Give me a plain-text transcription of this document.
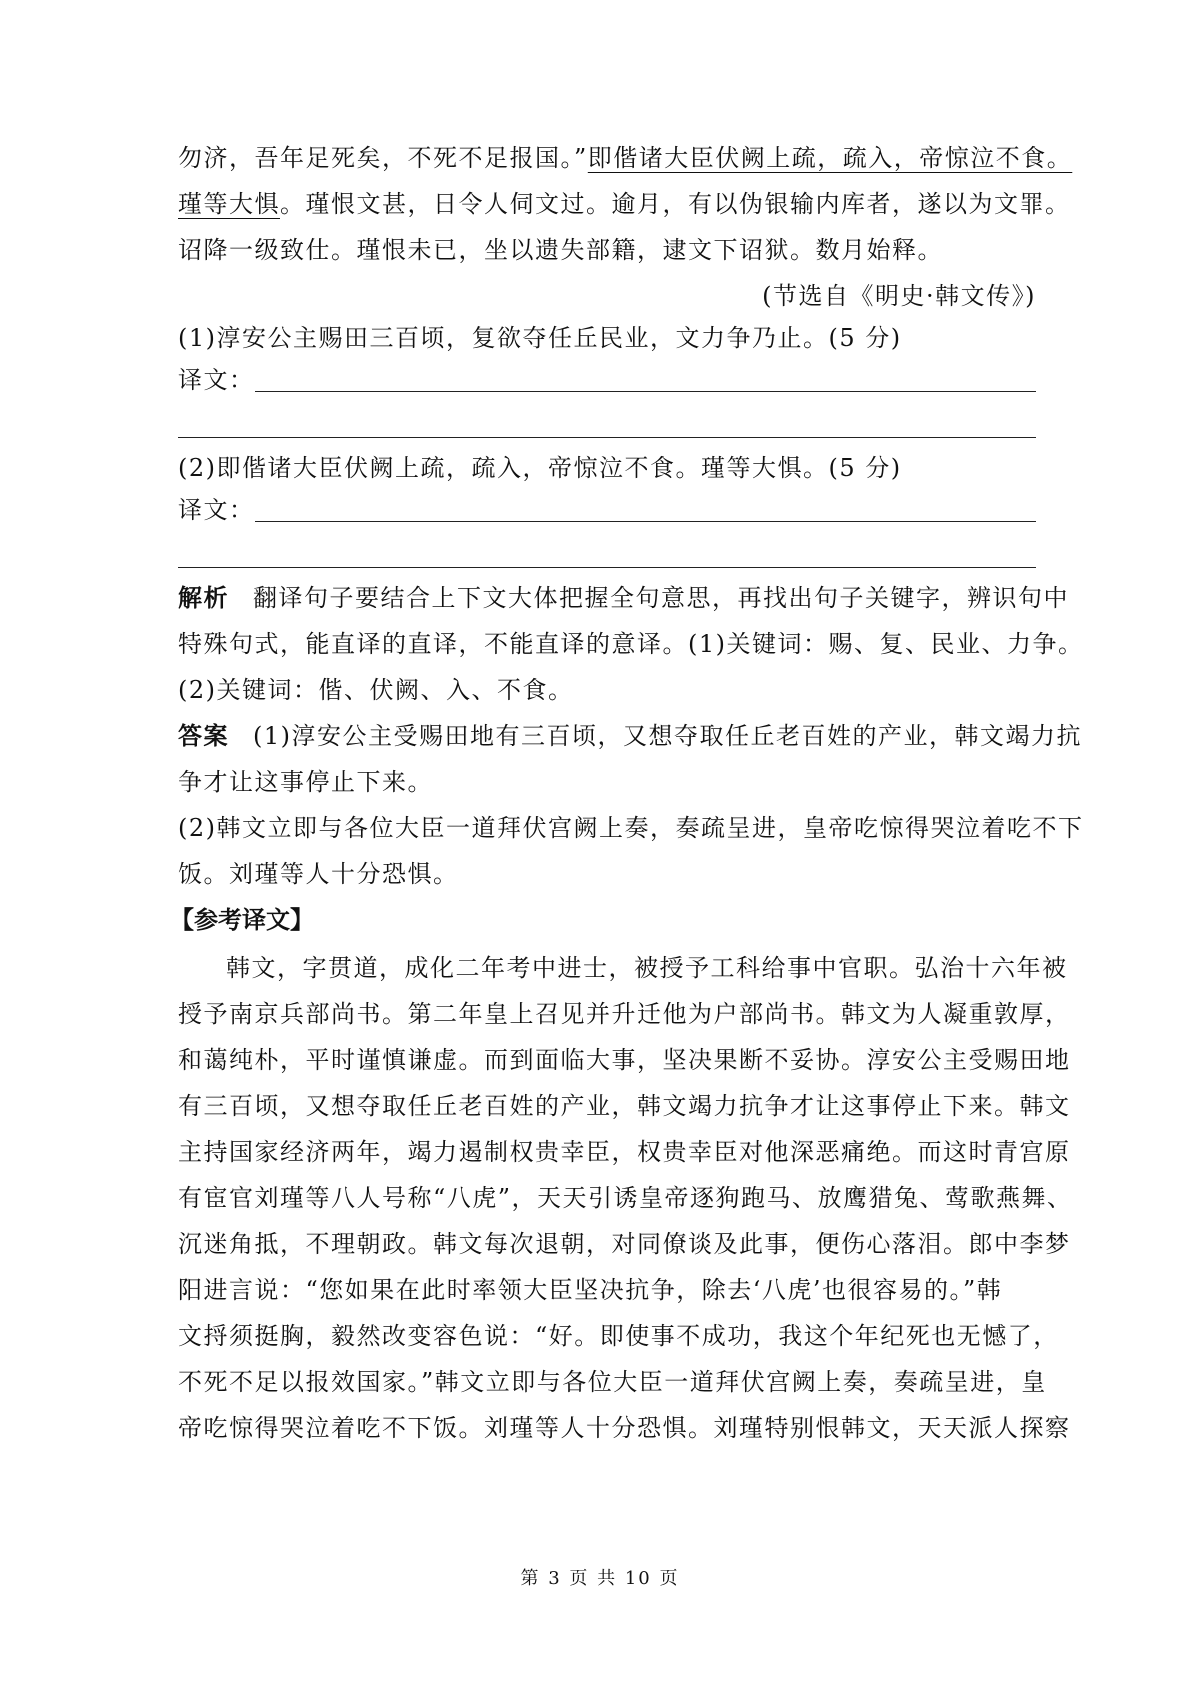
勿济，吾年足死矣，不死不足报国。”即偕诸大臣伏阙上疏，疏入，帝惊泣不食。
瑾等大惧。瑾恨文甚，日令人伺文过。逾月，有以伪银输内库者，遂以为文罪。
诏降一级致仕。瑾恨未已，坐以遗失部籍，逮文下诏狱。数月始释。
(节选自《明史·韩文传》)
(1)淳安公主赐田三百顷，复欲夺任丘民业，文力争乃止。(5 分)
译文：
(2)即偕诸大臣伏阙上疏，疏入，帝惊泣不食。瑾等大惧。(5 分)
译文：
解析 翻译句子要结合上下文大体把握全句意思，再找出句子关键字，辨识句中
特殊句式，能直译的直译，不能直译的意译。(1)关键词：赐、复、民业、力争。
(2)关键词：偕、伏阙、入、不食。
答案 (1)淳安公主受赐田地有三百顷，又想夺取任丘老百姓的产业，韩文竭力抗
争才让这事停止下来。
(2)韩文立即与各位大臣一道拜伏宫阙上奏，奏疏呈进，皇帝吃惊得哭泣着吃不下
饭。刘瑾等人十分恐惧。
【参考译文】
韩文，字贯道，成化二年考中进士，被授予工科给事中官职。弘治十六年被
授予南京兵部尚书。第二年皇上召见并升迁他为户部尚书。韩文为人凝重敦厚，
和蔼纯朴，平时谨慎谦虚。而到面临大事，坚决果断不妥协。淳安公主受赐田地
有三百顷，又想夺取任丘老百姓的产业，韩文竭力抗争才让这事停止下来。韩文
主持国家经济两年，竭力遏制权贵幸臣，权贵幸臣对他深恶痛绝。而这时青宫原
有宦官刘瑾等八人号称“八虎”，天天引诱皇帝逐狗跑马、放鹰猎兔、莺歌燕舞、
沉迷角抵，不理朝政。韩文每次退朝，对同僚谈及此事，便伤心落泪。郎中李梦
阳进言说：“您如果在此时率领大臣坚决抗争，除去‘八虎’也很容易的。”韩
文捋须挺胸，毅然改变容色说：“好。即使事不成功，我这个年纪死也无憾了，
不死不足以报效国家。”韩文立即与各位大臣一道拜伏宫阙上奏，奏疏呈进，皇
帝吃惊得哭泣着吃不下饭。刘瑾等人十分恐惧。刘瑾特别恨韩文，天天派人探察
第 3 页 共 10 页
